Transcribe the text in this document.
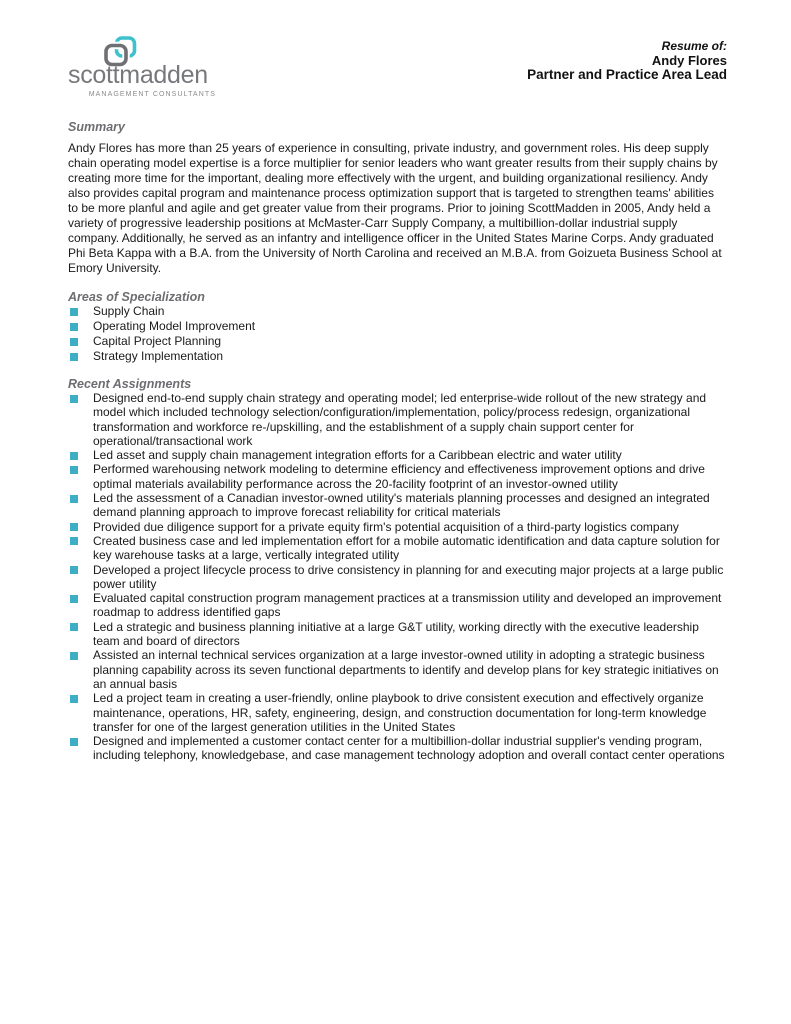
scottmadden
MANAGEMENT CONSULTANTS
Resume of:
Andy Flores
Partner and Practice Area Lead
Summary

Andy Flores has more than 25 years of experience in consulting, private industry, and government roles. His deep supply chain operating model expertise is a force multiplier for senior leaders who want greater results from their supply chains by creating more time for the important, dealing more effectively with the urgent, and building organizational resiliency. Andy also provides capital program and maintenance process optimization support that is targeted to strengthen teams' abilities to be more planful and agile and get greater value from their programs. Prior to joining ScottMadden in 2005, Andy held a variety of progressive leadership positions at McMaster-Carr Supply Company, a multibillion-dollar industrial supply company. Additionally, he served as an infantry and intelligence officer in the United States Marine Corps. Andy graduated Phi Beta Kappa with a B.A. from the University of North Carolina and received an M.B.A. from Goizueta Business School at Emory University.

Areas of Specialization
Supply Chain
Operating Model Improvement
Capital Project Planning
Strategy Implementation
Recent Assignments
Designed end-to-end supply chain strategy and operating model; led enterprise-wide rollout of the new strategy and model which included technology selection/configuration/implementation, policy/process redesign, organizational transformation and workforce re-/upskilling, and the establishment of a supply chain support center for operational/transactional work
Led asset and supply chain management integration efforts for a Caribbean electric and water utility
Performed warehousing network modeling to determine efficiency and effectiveness improvement options and drive optimal materials availability performance across the 20-facility footprint of an investor-owned utility
Led the assessment of a Canadian investor-owned utility's materials planning processes and designed an integrated demand planning approach to improve forecast reliability for critical materials
Provided due diligence support for a private equity firm's potential acquisition of a third-party logistics company
Created business case and led implementation effort for a mobile automatic identification and data capture solution for key warehouse tasks at a large, vertically integrated utility
Developed a project lifecycle process to drive consistency in planning for and executing major projects at a large public power utility
Evaluated capital construction program management practices at a transmission utility and developed an improvement roadmap to address identified gaps
Led a strategic and business planning initiative at a large G&T utility, working directly with the executive leadership team and board of directors
Assisted an internal technical services organization at a large investor-owned utility in adopting a strategic business planning capability across its seven functional departments to identify and develop plans for key strategic initiatives on an annual basis
Led a project team in creating a user-friendly, online playbook to drive consistent execution and effectively organize maintenance, operations, HR, safety, engineering, design, and construction documentation for long-term knowledge transfer for one of the largest generation utilities in the United States
Designed and implemented a customer contact center for a multibillion-dollar industrial supplier's vending program, including telephony, knowledgebase, and case management technology adoption and overall contact center operations
